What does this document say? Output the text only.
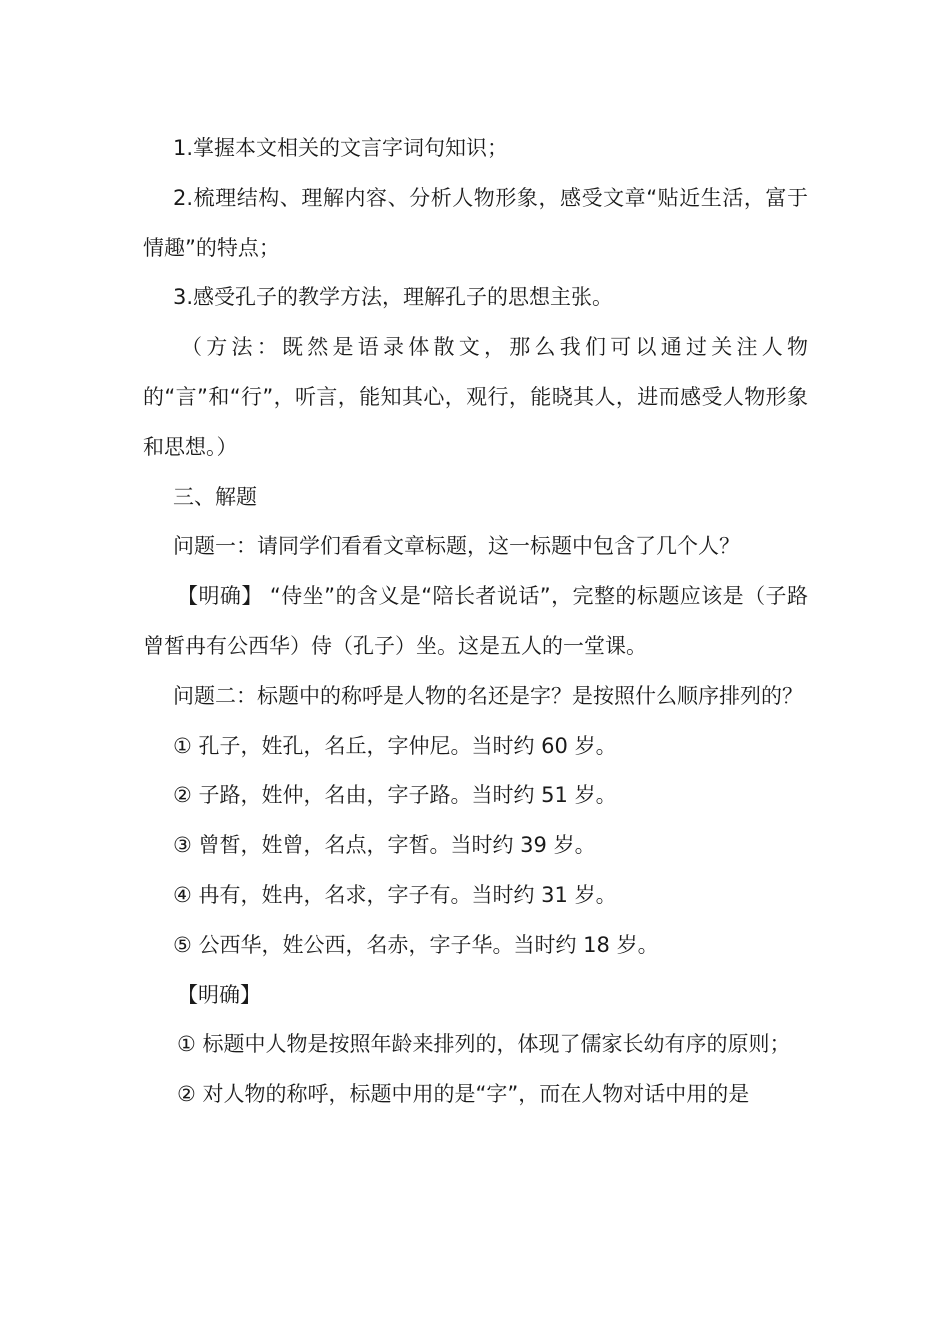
1.掌握本文相关的文言字词句知识；

2.梳理结构、理解内容、分析人物形象，感受文章“贴近生活，富于情趣”的特点；

3.感受孔子的教学方法，理解孔子的思想主张。

（方法：既然是语录体散文，那么我们可以通过关注人物的“言”和“行”，听言，能知其心，观行，能晓其人，进而感受人物形象和思想。）

三、解题

问题一：请同学们看看文章标题，这一标题中包含了几个人？

【明确】 “侍坐”的含义是“陪长者说话”，完整的标题应该是（子路曾皙冉有公西华）侍（孔子）坐。这是五人的一堂课。

问题二：标题中的称呼是人物的名还是字？是按照什么顺序排列的？

① 孔子，姓孔，名丘，字仲尼。当时约 60 岁。

② 子路，姓仲，名由，字子路。当时约 51 岁。

③ 曾皙，姓曾，名点，字皙。当时约 39 岁。

④ 冉有，姓冉，名求，字子有。当时约 31 岁。

⑤ 公西华，姓公西，名赤，字子华。当时约 18 岁。

【明确】

① 标题中人物是按照年龄来排列的，体现了儒家长幼有序的原则；

② 对人物的称呼，标题中用的是“字”，而在人物对话中用的是
